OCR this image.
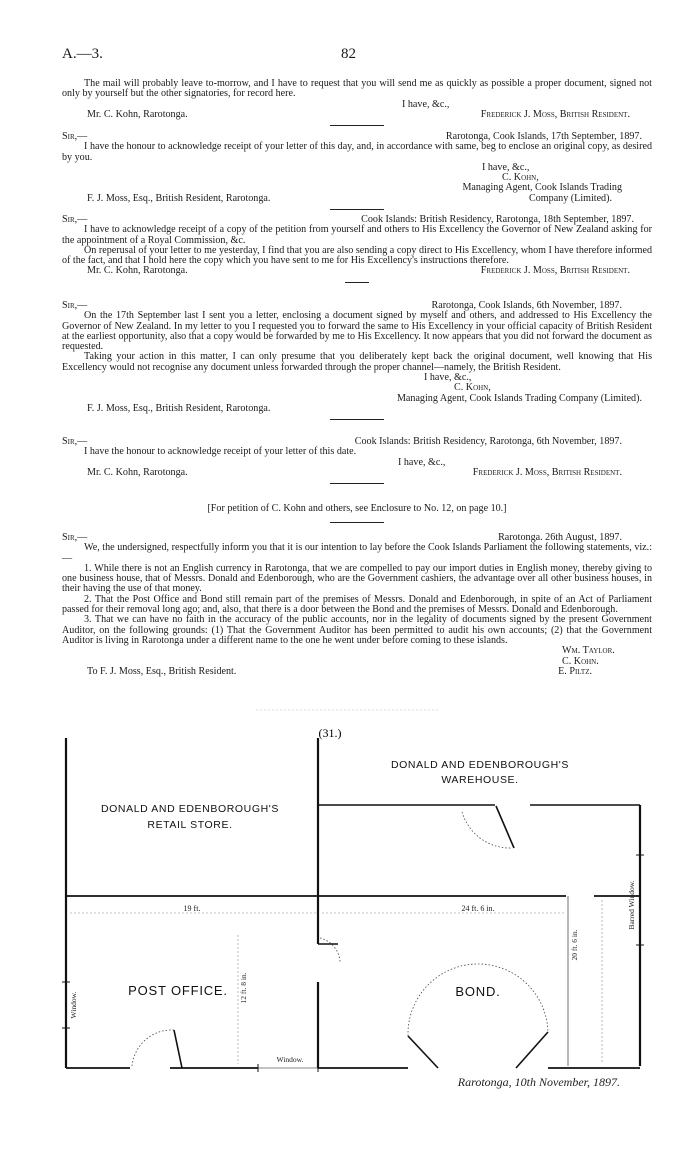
A.—3.	82

The mail will probably leave to-morrow, and I have to request that you will send me as quickly as possible a proper document, signed not only by yourself but the other signatories, for record here.

I have, &c.,
Mr. C. Kohn, Rarotonga.	Frederick J. Moss, British Resident.
Sir,—	Rarotonga, Cook Islands, 17th September, 1897.

I have the honour to acknowledge receipt of your letter of this day, and, in accordance with same, beg to enclose an original copy, as desired by you.

I have, &c.,
C. Kohn,
Managing Agent, Cook Islands Trading
F. J. Moss, Esq., British Resident, Rarotonga.	Company (Limited).
Sir,—	Cook Islands: British Residency, Rarotonga, 18th September, 1897.

I have to acknowledge receipt of a copy of the petition from yourself and others to His Excellency the Governor of New Zealand asking for the appointment of a Royal Commission, &c.

On reperusal of your letter to me yesterday, I find that you are also sending a copy direct to His Excellency, whom I have therefore informed of the fact, and that I hold here the copy which you have sent to me for His Excellency's instructions therefore.

Mr. C. Kohn, Rarotonga.	Frederick J. Moss, British Resident.
Sir,—	Rarotonga, Cook Islands, 6th November, 1897.

On the 17th September last I sent you a letter, enclosing a document signed by myself and others, and addressed to His Excellency the Governor of New Zealand. In my letter to you I requested you to forward the same to His Excellency in your official capacity of British Resident at the earliest opportunity, also that a copy would be forwarded by me to His Excellency. It now appears that you did not forward the document as requested.

Taking your action in this matter, I can only presume that you deliberately kept back the original document, well knowing that His Excellency would not recognise any document unless forwarded through the proper channel—namely, the British Resident.

I have, &c.,
C. Kohn,
Managing Agent, Cook Islands Trading Company (Limited).
F. J. Moss, Esq., British Resident, Rarotonga.
Sir,—	Cook Islands: British Residency, Rarotonga, 6th November, 1897.

I have the honour to acknowledge receipt of your letter of this date.

I have, &c.,
Mr. C. Kohn, Rarotonga.	Frederick J. Moss, British Resident.
[For petition of C. Kohn and others, see Enclosure to No. 12, on page 10.]
Sir,—	Rarotonga. 26th August, 1897.

We, the undersigned, respectfully inform you that it is our intention to lay before the Cook Islands Parliament the following statements, viz.:—

1. While there is not an English currency in Rarotonga, that we are compelled to pay our import duties in English money, thereby giving to one business house, that of Messrs. Donald and Edenborough, who are the Government cashiers, the advantage over all other business houses, in their having the use of that money.

2. That the Post Office and Bond still remain part of the premises of Messrs. Donald and Edenborough, in spite of an Act of Parliament passed for their removal long ago; and, also, that there is a door between the Bond and the premises of Messrs. Donald and Edenborough.

3. That we can have no faith in the accuracy of the public accounts, nor in the legality of documents signed by the present Government Auditor, on the following grounds: (1) That the Government Auditor has been permitted to audit his own accounts; (2) that the Government Auditor is living in Rarotonga under a different name to the one he went under before coming to these islands.

Wm. Taylor.
C. Kohn.
To F. J. Moss, Esq., British Resident.	E. Piltz.
(31.)
DONALD AND EDENBOROUGH'S
WAREHOUSE.
DONALD AND EDENBOROUGH'S
RETAIL STORE.
POST OFFICE.	BOND.
19 ft.	24 ft. 6 in.
20 ft. 6 in.
12 ft. 8 in.
Barred Window.
Window.
Window.
Rarotonga, 10th November, 1897.
